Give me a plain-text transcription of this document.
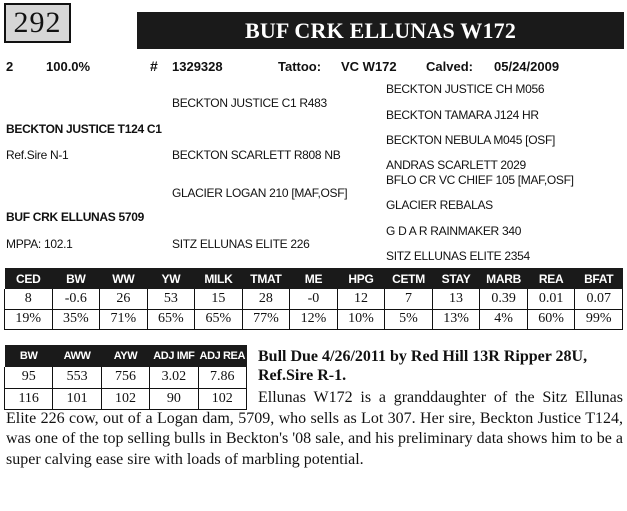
292	BUF CRK ELLUNAS W172
2	100.0%	# 1329328	Tattoo: VC W172 Calved: 05/24/2009
BECKTON JUSTICE CH M056
BECKTON JUSTICE C1 R483
BECKTON TAMARA J124 HR
BECKTON JUSTICE T124 C1
BECKTON NEBULA M045 [OSF]
Ref.Sire N-1	BECKTON SCARLETT R808 NB
ANDRAS SCARLETT 2029
BFLO CR VC CHIEF 105 [MAF,OSF]
GLACIER LOGAN 210 [MAF,OSF]
GLACIER REBALAS
BUF CRK ELLUNAS 5709
G D A R RAINMAKER 340
MPPA: 102.1	SITZ ELLUNAS ELITE 226
SITZ ELLUNAS ELITE 2354
CED	BW	WW	YW	MILK	TMAT	ME	HPG	CETM	STAY	MARB	REA	BFAT
8	-0.6	26	53	15	28	-0	12	7	13	0.39	0.01	0.07
19%	35%	71%	65%	65%	77%	12%	10%	5%	13%	4%	60%	99%
BW	AWW	AYW	ADJ IMF	ADJ REA
95	553	756	3.02	7.86
116	101	102	90	102
Bull Due 4/26/2011 by Red Hill 13R Ripper 28U, Ref.Sire R-1.
Ellunas W172 is a granddaughter of the Sitz Ellunas Elite 226 cow, out of a Logan dam, 5709, who sells as Lot 307. Her sire, Beckton Justice T124, was one of the top selling bulls in Beckton's '08 sale, and his preliminary data shows him to be a super calving ease sire with loads of marbling potential.
